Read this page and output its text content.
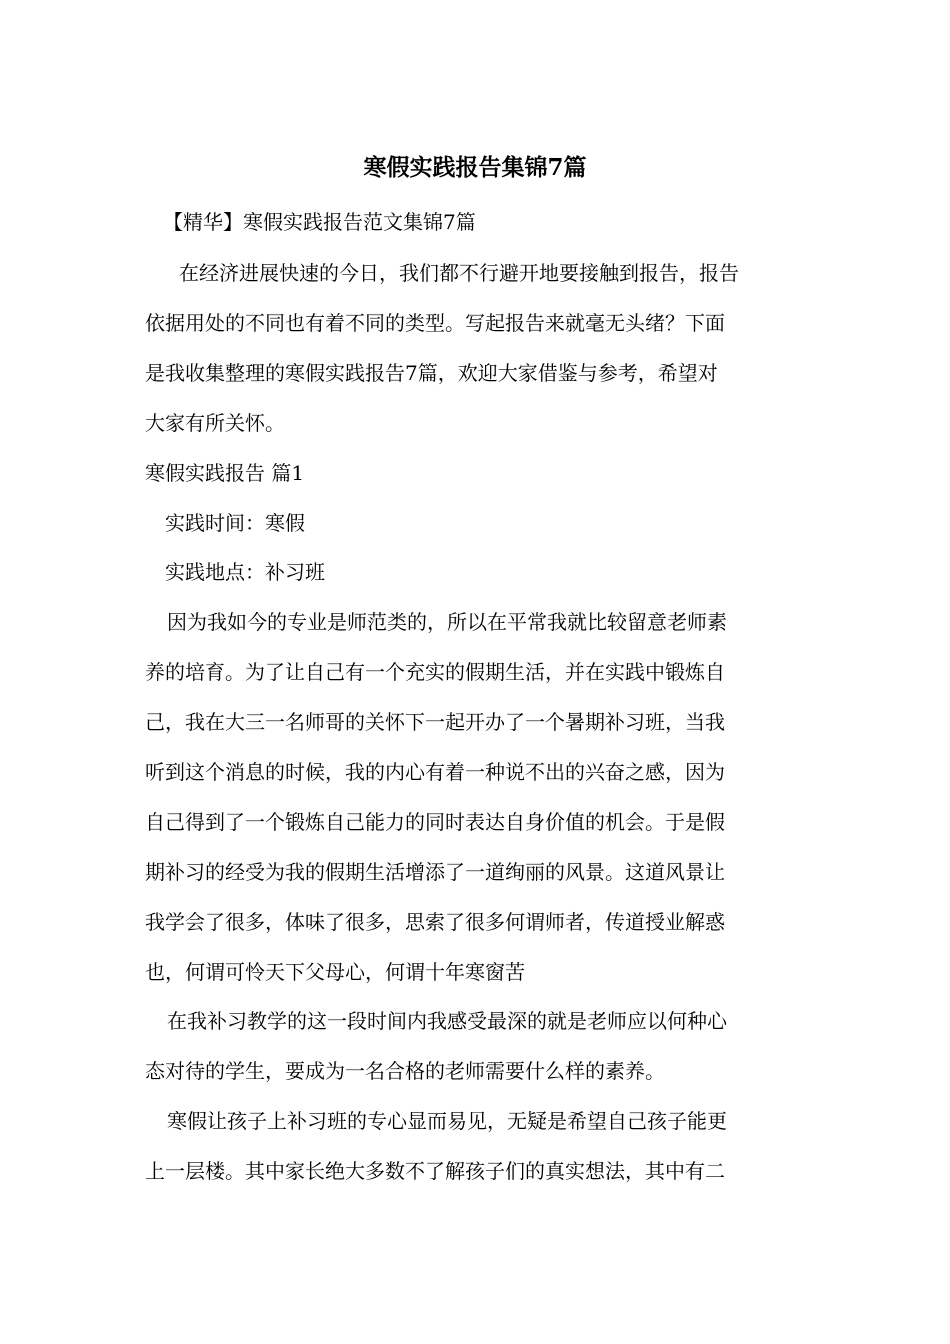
寒假实践报告集锦7篇

【精华】寒假实践报告范文集锦7篇

　在经济进展快速的今日，我们都不行避开地要接触到报告，报告
依据用处的不同也有着不同的类型。写起报告来就毫无头绪？下面
是我收集整理的寒假实践报告7篇，欢迎大家借鉴与参考，希望对
大家有所关怀。

寒假实践报告 篇1

实践时间：寒假

实践地点：补习班

因为我如今的专业是师范类的，所以在平常我就比较留意老师素
养的培育。为了让自己有一个充实的假期生活，并在实践中锻炼自
己，我在大三一名师哥的关怀下一起开办了一个暑期补习班，当我
听到这个消息的时候，我的内心有着一种说不出的兴奋之感，因为
自己得到了一个锻炼自己能力的同时表达自身价值的机会。于是假
期补习的经受为我的假期生活增添了一道绚丽的风景。这道风景让
我学会了很多，体味了很多，思索了很多何谓师者，传道授业解惑
也，何谓可怜天下父母心，何谓十年寒窗苦

在我补习教学的这一段时间内我感受最深的就是老师应以何种心
态对待的学生，要成为一名合格的老师需要什么样的素养。

寒假让孩子上补习班的专心显而易见，无疑是希望自己孩子能更
上一层楼。其中家长绝大多数不了解孩子们的真实想法，其中有二
